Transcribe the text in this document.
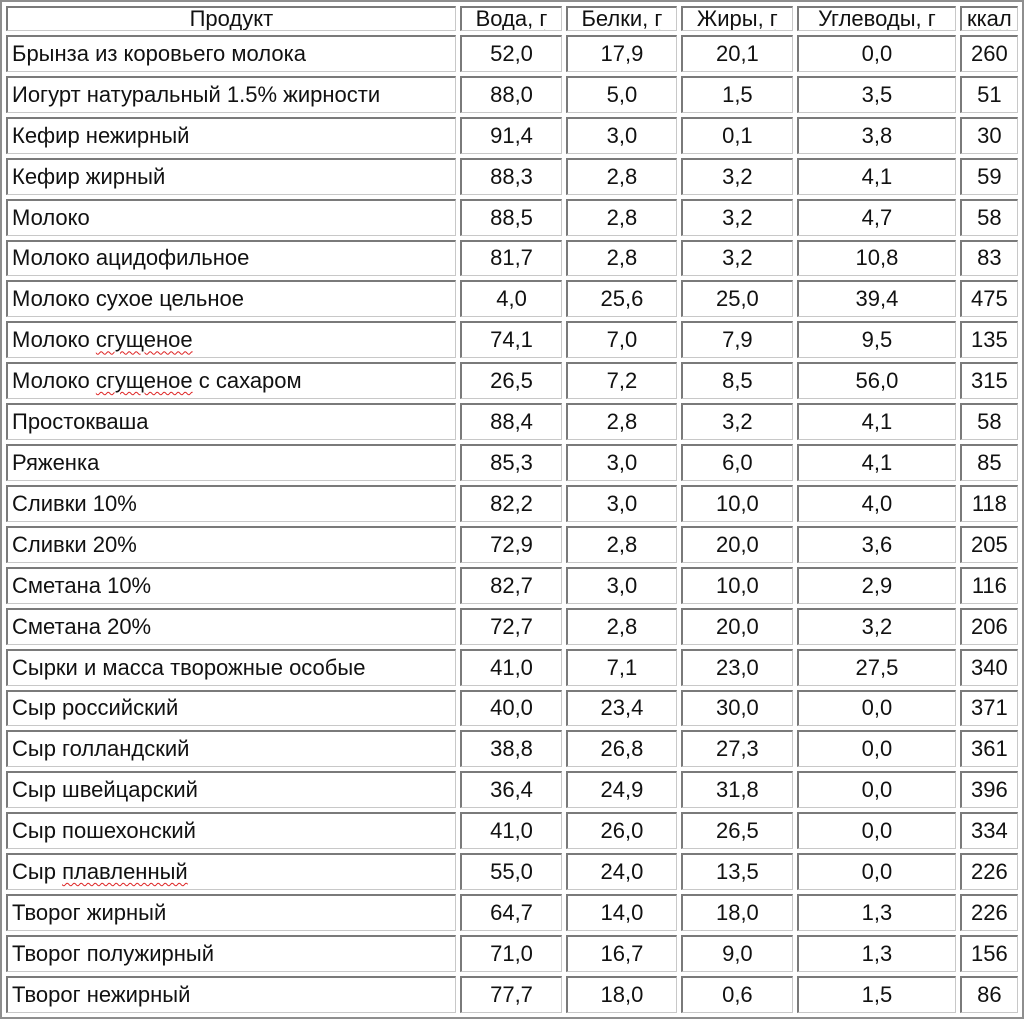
Продукт	Вода, г	Белки, г	Жиры, г	Углеводы, г	ккал
Брынза из коровьего молока	52,0	17,9	20,1	0,0	260
Иогурт натуральный 1.5% жирности	88,0	5,0	1,5	3,5	51
Кефир нежирный	91,4	3,0	0,1	3,8	30
Кефир жирный	88,3	2,8	3,2	4,1	59
Молоко	88,5	2,8	3,2	4,7	58
Молоко ацидофильное	81,7	2,8	3,2	10,8	83
Молоко сухое цельное	4,0	25,6	25,0	39,4	475
Молоко сгущеное	74,1	7,0	7,9	9,5	135
Молоко сгущеное с сахаром	26,5	7,2	8,5	56,0	315
Простокваша	88,4	2,8	3,2	4,1	58
Ряженка	85,3	3,0	6,0	4,1	85
Сливки 10%	82,2	3,0	10,0	4,0	118
Сливки 20%	72,9	2,8	20,0	3,6	205
Сметана 10%	82,7	3,0	10,0	2,9	116
Сметана 20%	72,7	2,8	20,0	3,2	206
Сырки и масса творожные особые	41,0	7,1	23,0	27,5	340
Сыр российский	40,0	23,4	30,0	0,0	371
Сыр голландский	38,8	26,8	27,3	0,0	361
Сыр швейцарский	36,4	24,9	31,8	0,0	396
Сыр пошехонский	41,0	26,0	26,5	0,0	334
Сыр плавленный	55,0	24,0	13,5	0,0	226
Творог жирный	64,7	14,0	18,0	1,3	226
Творог полужирный	71,0	16,7	9,0	1,3	156
Творог нежирный	77,7	18,0	0,6	1,5	86
